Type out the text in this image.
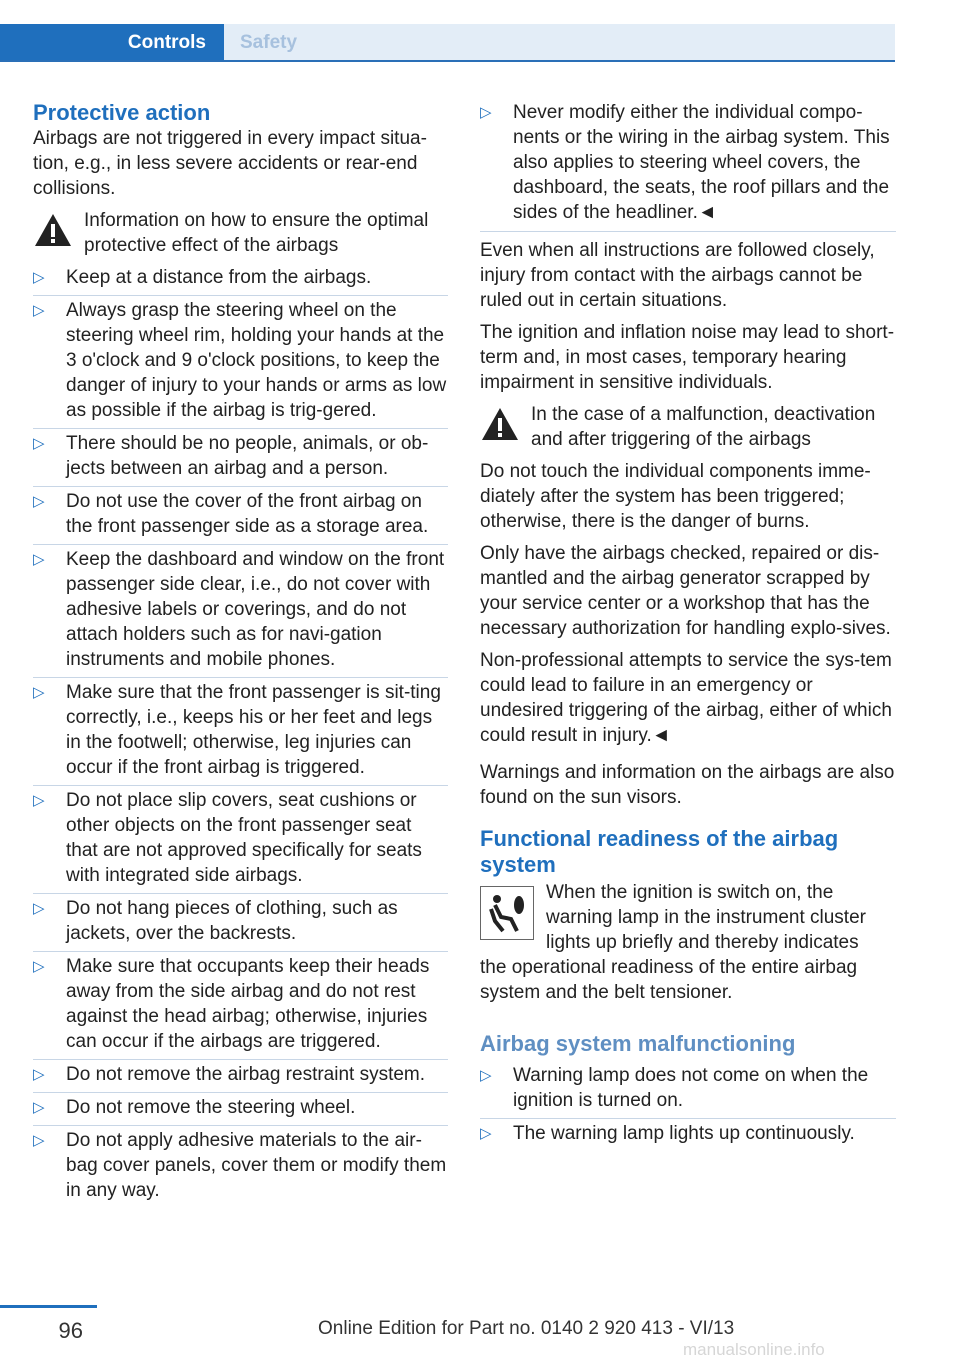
Controls Safety
Protective action

Airbags are not triggered in every impact situa-tion, e.g., in less severe accidents or rear-end collisions.

Information on how to ensure the optimal protective effect of the airbags
▷ Keep at a distance from the airbags.
▷ Always grasp the steering wheel on the steering wheel rim, holding your hands at the 3 o'clock and 9 o'clock positions, to keep the danger of injury to your hands or arms as low as possible if the airbag is trig-gered.
▷ There should be no people, animals, or ob-jects between an airbag and a person.
▷ Do not use the cover of the front airbag on the front passenger side as a storage area.
▷ Keep the dashboard and window on the front passenger side clear, i.e., do not cover with adhesive labels or coverings, and do not attach holders such as for navi-gation instruments and mobile phones.
▷ Make sure that the front passenger is sit-ting correctly, i.e., keeps his or her feet and legs in the footwell; otherwise, leg injuries can occur if the front airbag is triggered.
▷ Do not place slip covers, seat cushions or other objects on the front passenger seat that are not approved specifically for seats with integrated side airbags.
▷ Do not hang pieces of clothing, such as jackets, over the backrests.
▷ Make sure that occupants keep their heads away from the side airbag and do not rest against the head airbag; otherwise, injuries can occur if the airbags are triggered.
▷ Do not remove the airbag restraint system.
▷ Do not remove the steering wheel.
▷ Do not apply adhesive materials to the air-bag cover panels, cover them or modify them in any way.
▷ Never modify either the individual compo-nents or the wiring in the airbag system. This also applies to steering wheel covers, the dashboard, the seats, the roof pillars and the sides of the headliner.◄

Even when all instructions are followed closely, injury from contact with the airbags cannot be ruled out in certain situations.

The ignition and inflation noise may lead to short-term and, in most cases, temporary hearing impairment in sensitive individuals.

In the case of a malfunction, deactivation and after triggering of the airbags

Do not touch the individual components imme-diately after the system has been triggered; otherwise, there is the danger of burns.

Only have the airbags checked, repaired or dis-mantled and the airbag generator scrapped by your service center or a workshop that has the necessary authorization for handling explo-sives.

Non-professional attempts to service the sys-tem could lead to failure in an emergency or undesired triggering of the airbag, either of which could result in injury.◄

Warnings and information on the airbags are also found on the sun visors.

Functional readiness of the airbag system
When the ignition is switch on, the warning lamp in the instrument cluster lights up briefly and thereby indicates

the operational readiness of the entire airbag system and the belt tensioner.

Airbag system malfunctioning
▷ Warning lamp does not come on when the ignition is turned on.
▷ The warning lamp lights up continuously.
96	Online Edition for Part no. 0140 2 920 413 - VI/13
manualsonline.info
